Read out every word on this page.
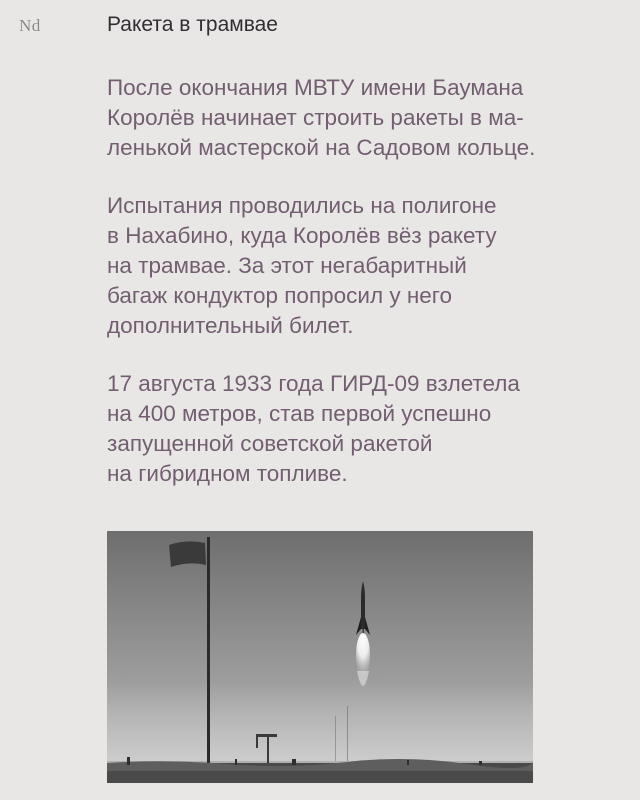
Nd	Ракета в трамвае

После окончания МВТУ имени Баумана
Королёв начинает строить ракеты в ма-
ленькой мастерской на Садовом кольце.

Испытания проводились на полигоне
в Нахабино, куда Королёв вёз ракету
на трамвае. За этот негабаритный
багаж кондуктор попросил у него
дополнительный билет.

17 августа 1933 года ГИРД-09 взлетела
на 400 метров, став первой успешно
запущенной советской ракетой
на гибридном топливе.
